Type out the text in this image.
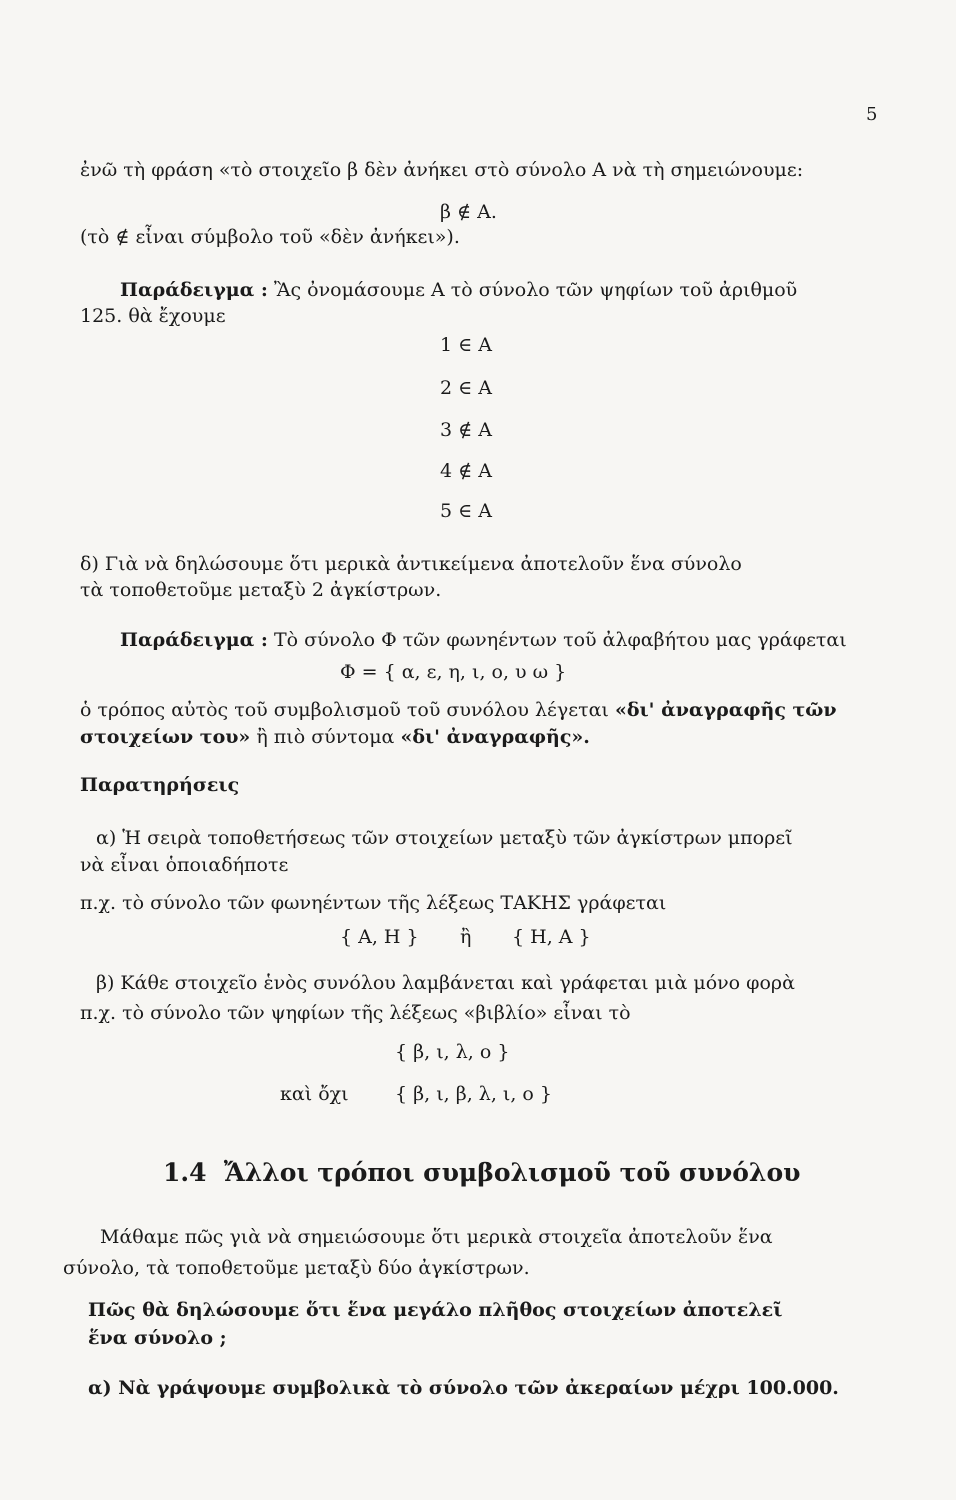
5
ἐνῶ τὴ φράση «τὸ στοιχεῖο β δὲν ἀνήκει στὸ σύνολο Α νὰ τὴ σημειώνουμε:
β ∉ Α.
(τὸ ∉ εἶναι σύμβολο τοῦ «δὲν ἀνήκει»).
Παράδειγμα : Ἂς ὀνομάσουμε Α τὸ σύνολο τῶν ψηφίων τοῦ ἀριθμοῦ
125. θὰ ἔχουμε
1 ∈ Α
2 ∈ Α
3 ∉ Α
4 ∉ Α
5 ∈ Α
δ) Γιὰ νὰ δηλώσουμε ὅτι μερικὰ ἀντικείμενα ἀποτελοῦν ἕνα σύνολο
τὰ τοποθετοῦμε μεταξὺ 2 ἀγκίστρων.
Παράδειγμα : Τὸ σύνολο Φ τῶν φωνηέντων τοῦ ἀλφαβήτου μας γράφεται
Φ = { α, ε, η, ι, ο, υ ω }
ὁ τρόπος αὐτὸς τοῦ συμβολισμοῦ τοῦ συνόλου λέγεται «δι' ἀναγραφῆς τῶν
στοιχείων του» ἢ πιὸ σύντομα «δι' ἀναγραφῆς».
Παρατηρήσεις
α) Ἡ σειρὰ τοποθετήσεως τῶν στοιχείων μεταξὺ τῶν ἀγκίστρων μπορεῖ
νὰ εἶναι ὁποιαδήποτε
π.χ. τὸ σύνολο τῶν φωνηέντων τῆς λέξεως ΤΑΚΗΣ γράφεται
{ Α, Η } ἢ { Η, Α }
β) Κάθε στοιχεῖο ἑνὸς συνόλου λαμβάνεται καὶ γράφεται μιὰ μόνο φορὰ
π.χ. τὸ σύνολο τῶν ψηφίων τῆς λέξεως «βιβλίο» εἶναι τὸ
{ β, ι, λ, ο }
καὶ ὄχι { β, ι, β, λ, ι, ο }
1.4 Ἄλλοι τρόποι συμβολισμοῦ τοῦ συνόλου
Μάθαμε πῶς γιὰ νὰ σημειώσουμε ὅτι μερικὰ στοιχεῖα ἀποτελοῦν ἕνα
σύνολο, τὰ τοποθετοῦμε μεταξὺ δύο ἀγκίστρων.
Πῶς θὰ δηλώσουμε ὅτι ἕνα μεγάλο πλῆθος στοιχείων ἀποτελεῖ
ἕνα σύνολο ;
α) Νὰ γράψουμε συμβολικὰ τὸ σύνολο τῶν ἀκεραίων μέχρι 100.000.
